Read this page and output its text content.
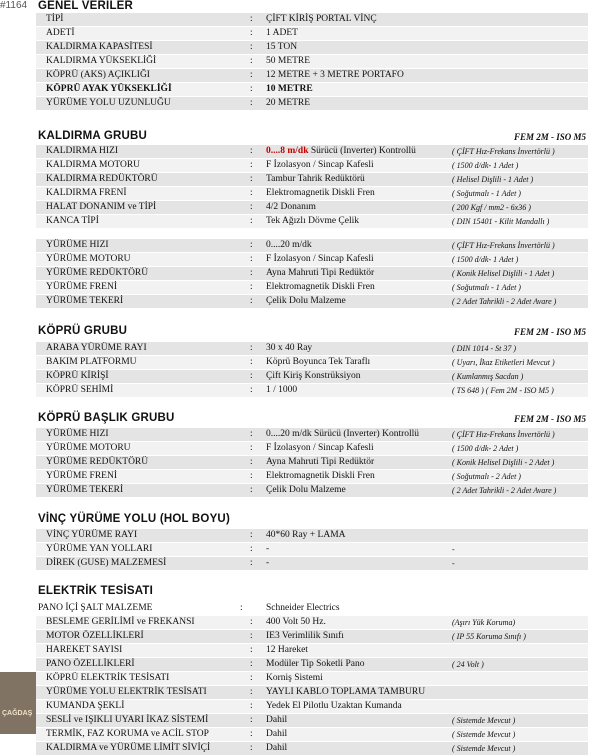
#1164 GENEL VERİLER
TİPİ	: ÇİFT KİRİŞ PORTAL VİNÇ
ADETİ	: 1 ADET
KALDIRMA KAPASİTESİ	: 15 TON
KALDIRMA YÜKSEKLİĞİ	: 50 METRE
KÖPRÜ (AKS) AÇIKLIĞI	: 12 METRE + 3 METRE PORTAFO
KÖPRÜ AYAK YÜKSEKLİĞİ	: 10 METRE
YÜRÜME YOLU UZUNLUĞU	: 20 METRE
KALDIRMA GRUBU	FEM 2M - ISO M5
KALDIRMA HIZI	: 0....8 m/dk Sürücü (Inverter) Kontrollü	( ÇİFT Hız-Frekans İnvertörlü )
KALDIRMA MOTORU	: F İzolasyon / Sincap Kafesli	( 1500 d/dk- 1 Adet )
KALDIRMA REDÜKTÖRÜ	: Tambur Tahrik Redüktörü	( Helisel Dişlili - 1 Adet )
KALDIRMA FRENİ	: Elektromagnetik Diskli Fren	( Soğutmalı - 1 Adet )
HALAT DONANIM ve TİPİ	: 4/2 Donanım	( 200 Kgf / mm2 - 6x36 )
KANCA TİPİ	: Tek Ağızlı Dövme Çelik	( DIN 15401 - Kilit Mandallı )
YÜRÜME HIZI	: 0....20 m/dk	( ÇİFT Hız-Frekans İnvertörlü )
YÜRÜME MOTORU	: F İzolasyon / Sincap Kafesli	( 1500 d/dk- 1 Adet )
YÜRÜME REDÜKTÖRÜ	: Ayna Mahruti Tipi Redüktör	( Konik Helisel Dişlili - 1 Adet )
YÜRÜME FRENİ	: Elektromagnetik Diskli Fren	( Soğutmalı - 1 Adet )
YÜRÜME TEKERİ	: Çelik Dolu Malzeme	( 2 Adet Tahrikli - 2 Adet Avare )
KÖPRÜ GRUBU	FEM 2M - ISO M5
ARABA YÜRÜME RAYI	: 30 x 40 Ray	( DIN 1014 - St 37 )
BAKIM PLATFORMU	: Köprü Boyunca Tek Taraflı	( Uyarı, İkaz Etiketleri Mevcut )
KÖPRÜ KİRİŞİ	: Çift Kiriş Konstrüksiyon	( Kumlanmış Sacdan )
KÖPRÜ SEHİMİ	: 1 / 1000	( TS 648 ) ( Fem 2M - ISO M5 )
KÖPRÜ BAŞLIK GRUBU	FEM 2M - ISO M5
YÜRÜME HIZI	: 0....20 m/dk Sürücü (Inverter) Kontrollü	( ÇİFT Hız-Frekans İnvertörlü )
YÜRÜME MOTORU	: F İzolasyon / Sincap Kafesli	( 1500 d/dk- 2 Adet )
YÜRÜME REDÜKTÖRÜ	: Ayna Mahruti Tipi Redüktör	( Konik Helisel Dişlili - 2 Adet )
YÜRÜME FRENİ	: Elektromagnetik Diskli Fren	( Soğutmalı - 2 Adet )
YÜRÜME TEKERİ	: Çelik Dolu Malzeme	( 2 Adet Tahrikli - 2 Adet Avare )
VİNÇ YÜRÜME YOLU (HOL BOYU)
VİNÇ YÜRÜME RAYI	: 40*60 Ray + LAMA
YÜRÜME YAN YOLLARI	: -	-
DİREK (GUSE) MALZEMESİ	: -	-
ELEKTRİK TESİSATI
PANO İÇİ ŞALT MALZEME	: Schneider Electrics
BESLEME GERİLİMİ ve FREKANSI	: 400 Volt 50 Hz.	(Aşırı Yük Koruma)
MOTOR ÖZELLİKLERİ	: IE3 Verimlilik Sınıfı	( IP 55 Koruma Sınıfı )
HAREKET SAYISI	: 12 Hareket
PANO ÖZELLİKLERİ	: Modüler Tip Soketli Pano	( 24 Volt )
KÖPRÜ ELEKTRİK TESİSATI	: Korniş Sistemi
YÜRÜME YOLU ELEKTRİK TESİSATI	: YAYLI KABLO TOPLAMA TAMBURU
KUMANDA ŞEKLİ	: Yedek El Pilotlu Uzaktan Kumanda
SESLİ ve IŞIKLI UYARI İKAZ SİSTEMİ	: Dahil	( Sistemde Mevcut )
TERMİK, FAZ KORUMA ve ACİL STOP	: Dahil	( Sistemde Mevcut )
KALDIRMA ve YÜRÜME LİMİT SİVİÇİ	: Dahil	( Sistemde Mevcut )
ÇAĞDAŞ
